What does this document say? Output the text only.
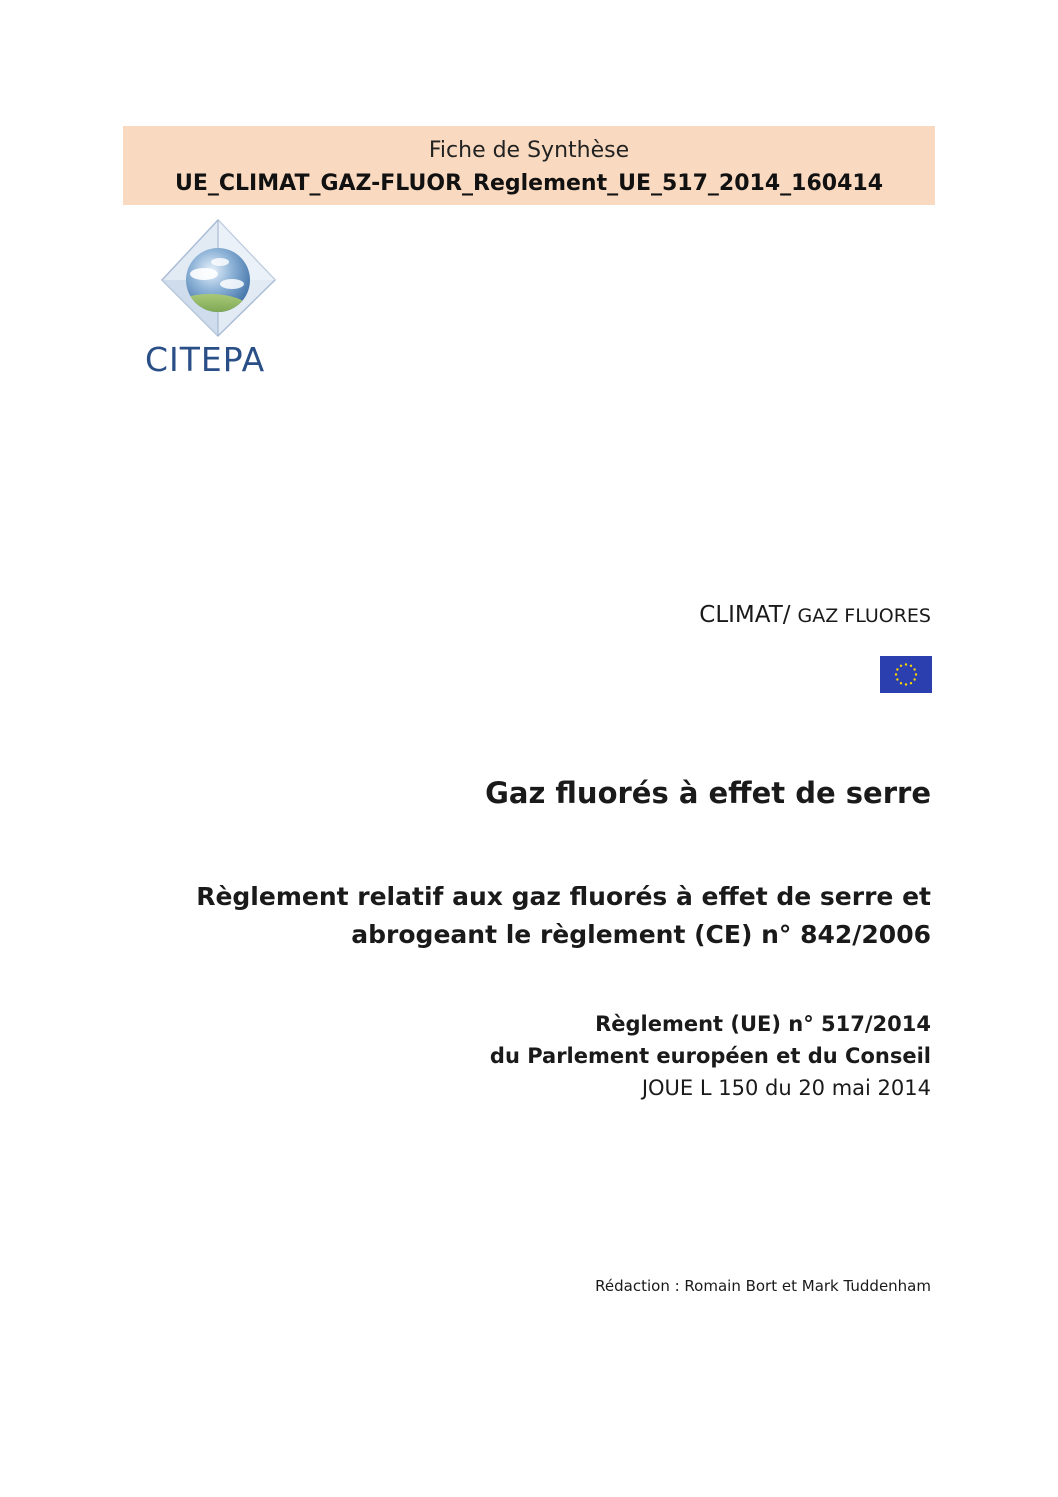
Fiche de Synthèse
UE_CLIMAT_GAZ-FLUOR_Reglement_UE_517_2014_160414
CITEPA
CLIMAT/ GAZ FLUORES
Gaz fluorés à effet de serre
Règlement relatif aux gaz fluorés à effet de serre et
abrogeant le règlement (CE) n° 842/2006
Règlement (UE) n° 517/2014
du Parlement européen et du Conseil
JOUE L 150 du 20 mai 2014
Rédaction : Romain Bort et Mark Tuddenham
